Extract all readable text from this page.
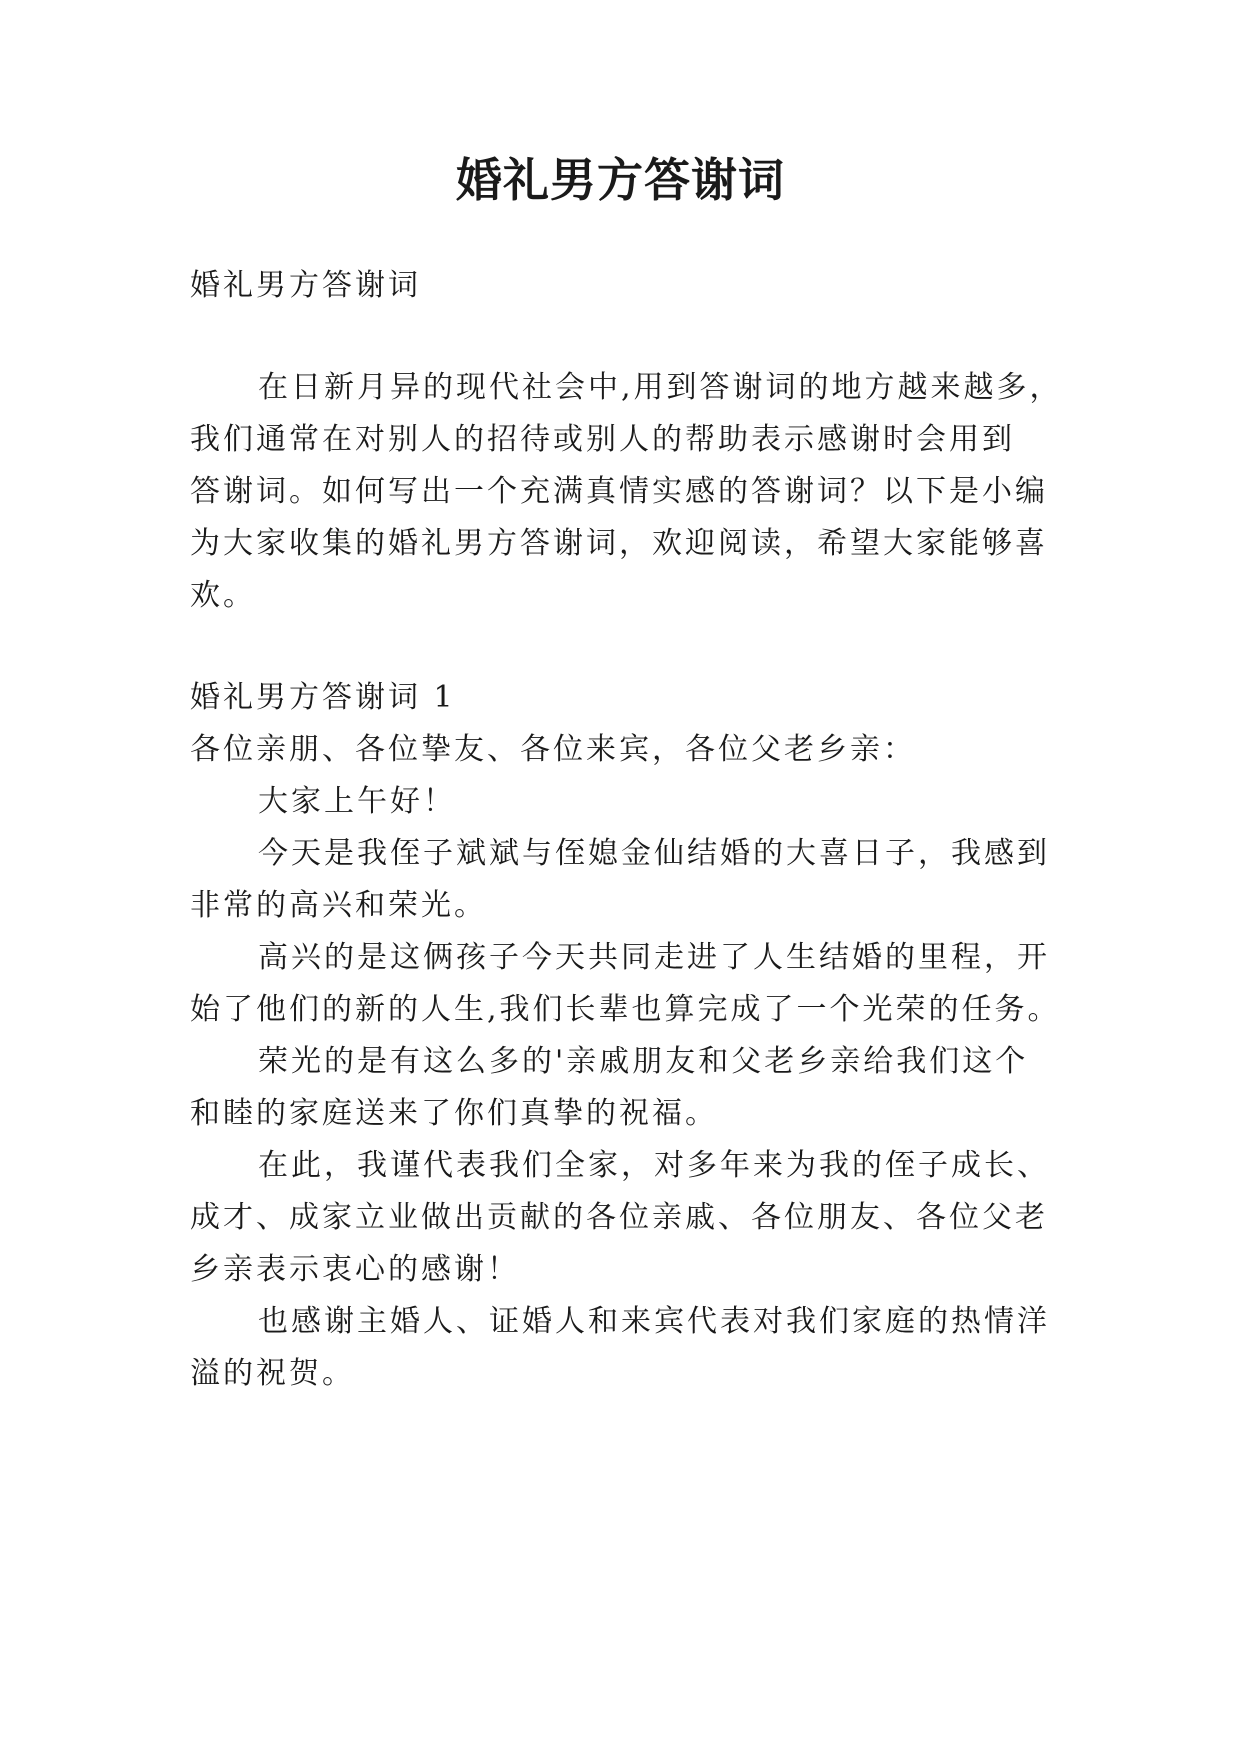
婚礼男方答谢词
婚礼男方答谢词
在日新月异的现代社会中,用到答谢词的地方越来越多，
我们通常在对别人的招待或别人的帮助表示感谢时会用到
答谢词。如何写出一个充满真情实感的答谢词？以下是小编
为大家收集的婚礼男方答谢词，欢迎阅读，希望大家能够喜
欢。
婚礼男方答谢词 1
各位亲朋、各位挚友、各位来宾，各位父老乡亲：
大家上午好！
今天是我侄子斌斌与侄媳金仙结婚的大喜日子，我感到
非常的高兴和荣光。
高兴的是这俩孩子今天共同走进了人生结婚的里程，开
始了他们的新的人生,我们长辈也算完成了一个光荣的任务。
荣光的是有这么多的'亲戚朋友和父老乡亲给我们这个
和睦的家庭送来了你们真挚的祝福。
在此，我谨代表我们全家，对多年来为我的侄子成长、
成才、成家立业做出贡献的各位亲戚、各位朋友、各位父老
乡亲表示衷心的感谢！
也感谢主婚人、证婚人和来宾代表对我们家庭的热情洋
溢的祝贺。
